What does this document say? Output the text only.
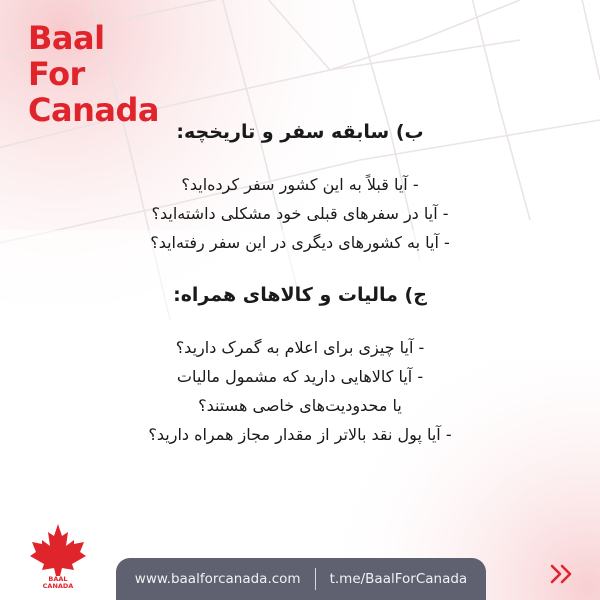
Baal
For
Canada

ب) سابقه سفر و تاریخچه:

- آیا قبلاً به این کشور سفر کرده‌اید؟

- آیا در سفرهای قبلی خود مشکلی داشته‌اید؟

- آیا به کشورهای دیگری در این سفر رفته‌اید؟

ج) مالیات و کالاهای همراه:

- آیا چیزی برای اعلام به گمرک دارید؟

- آیا کالاهایی دارید که مشمول مالیات

یا محدودیت‌های خاصی هستند؟

- آیا پول نقد بالاتر از مقدار مجاز همراه دارید؟

BAAL
CANADA	www.baalforcanada.com	t.me/BaalForCanada
